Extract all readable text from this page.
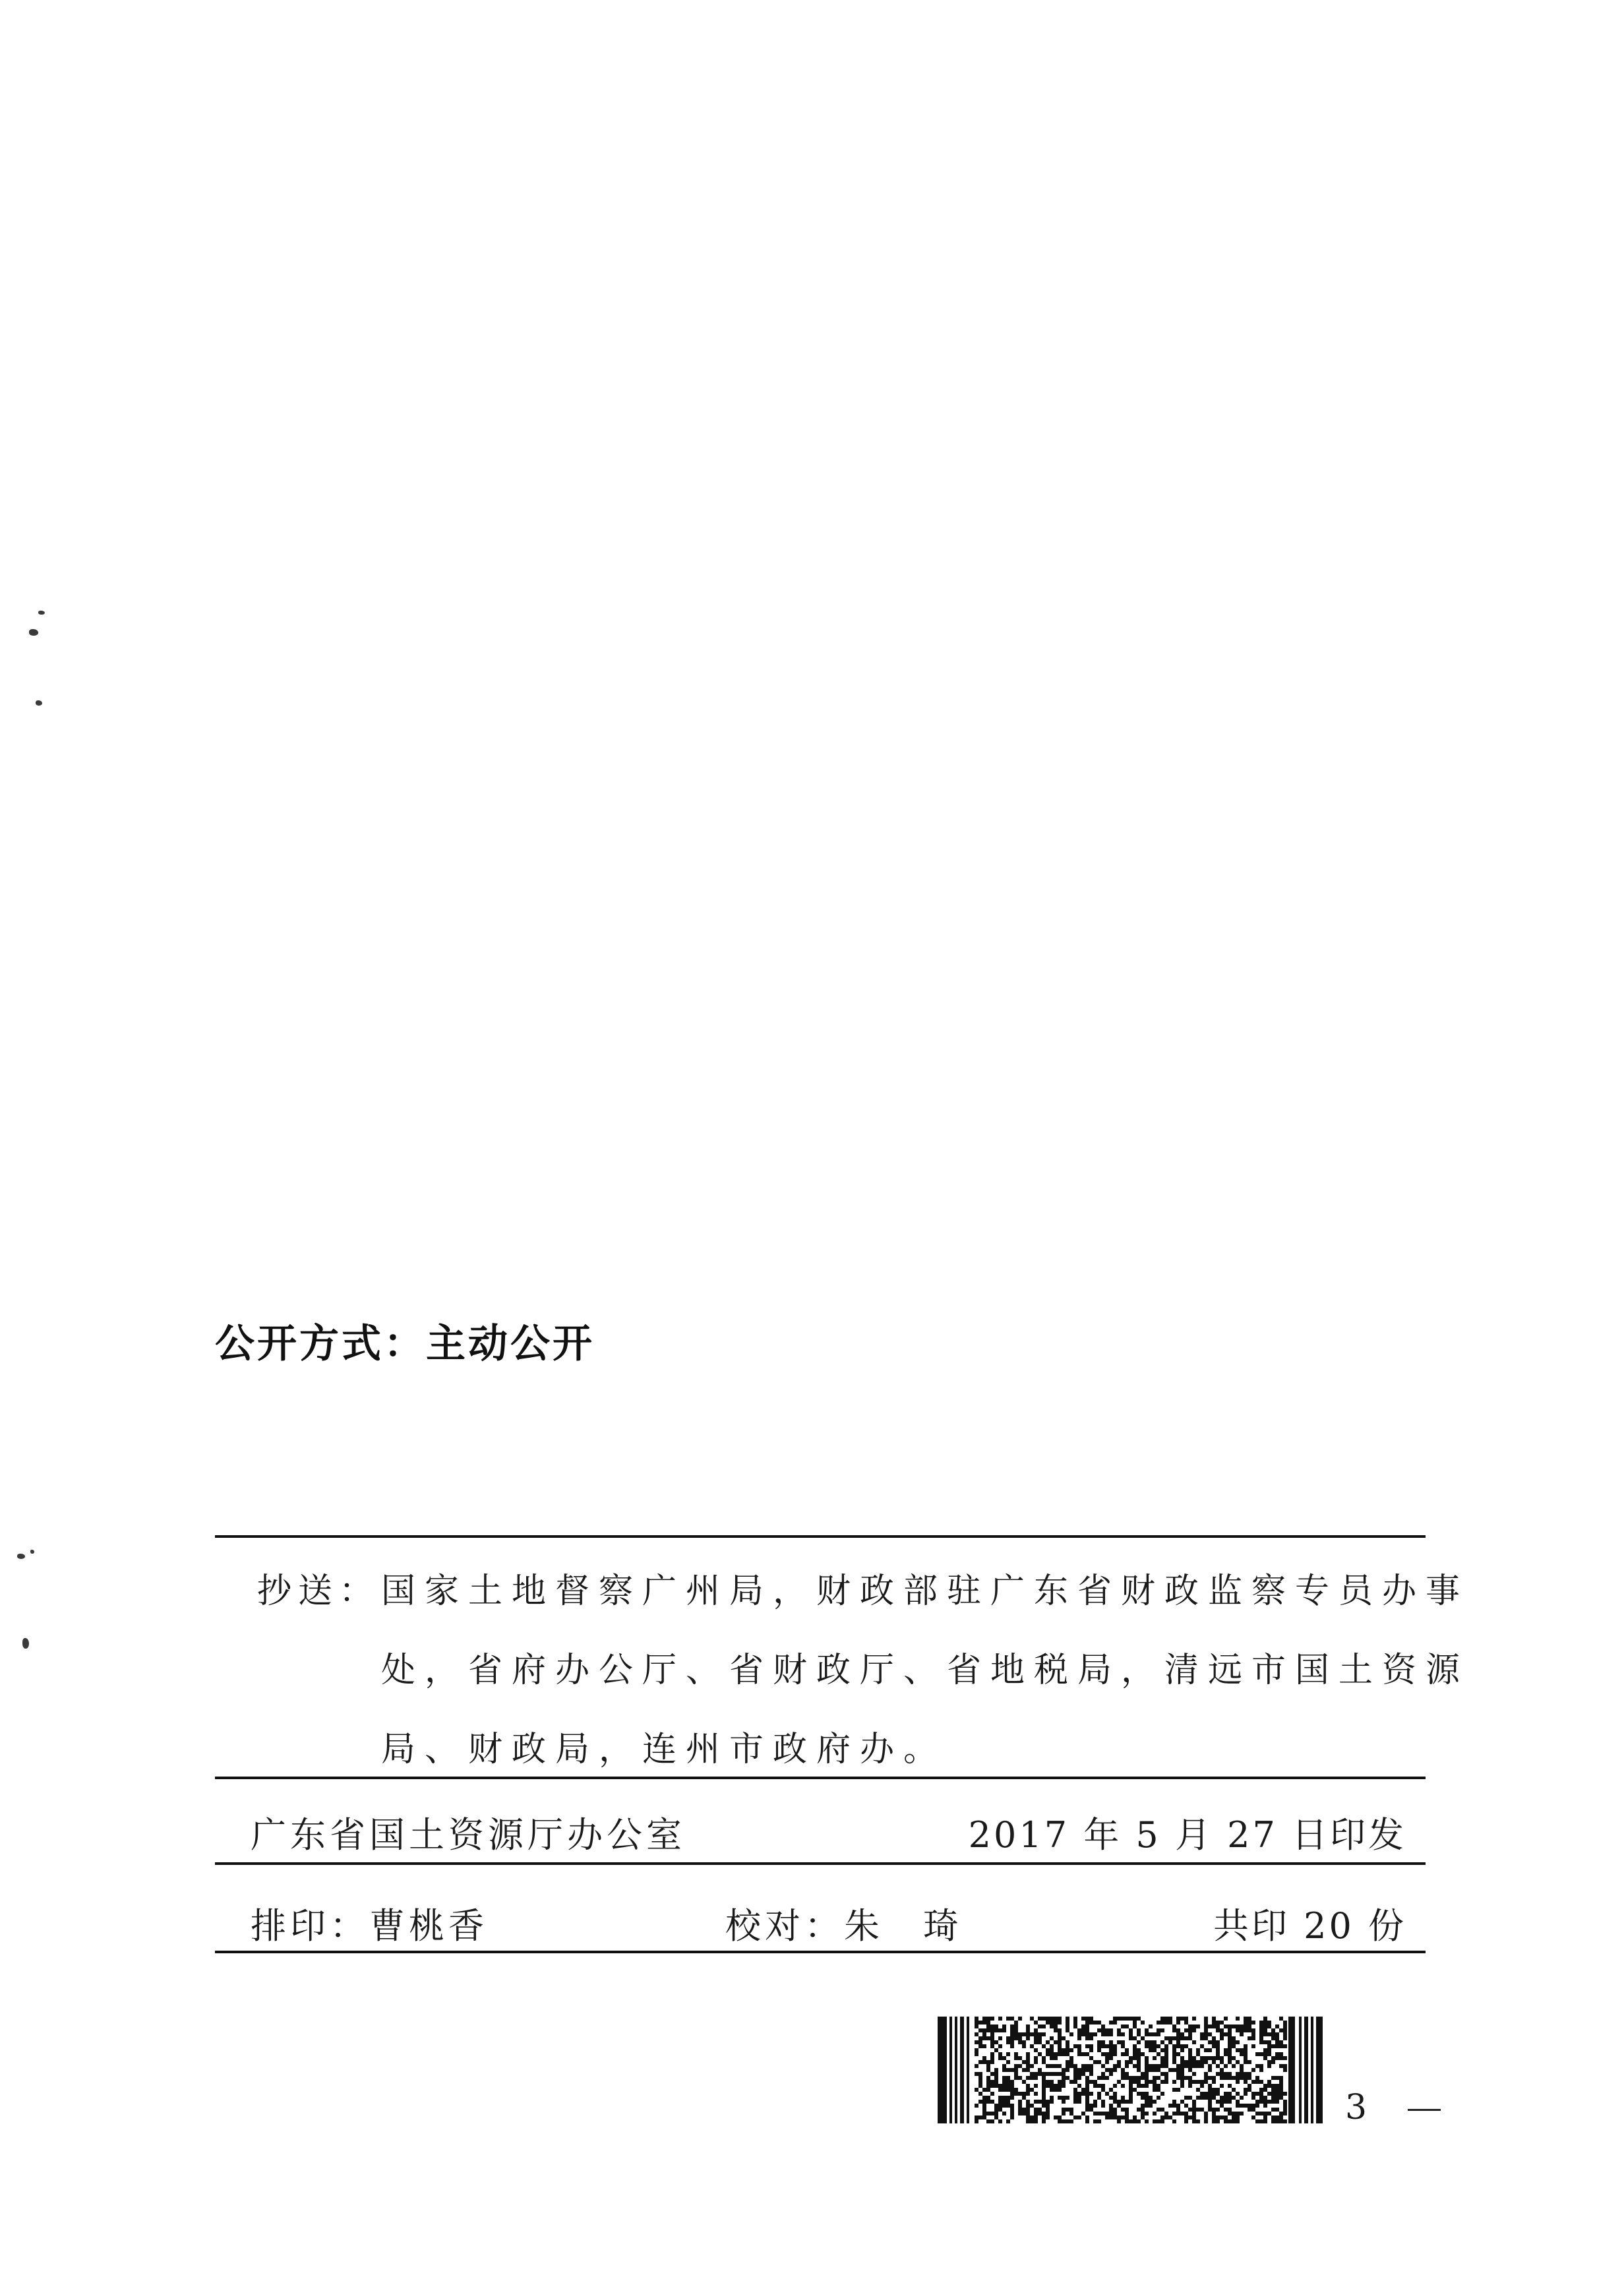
公开方式：主动公开
抄送： 国家土地督察广州局，财政部驻广东省财政监察专员办事
处，省府办公厅、省财政厅、省地税局，清远市国土资源
局、财政局，连州市政府办。
广东省国土资源厅办公室	2017 年 5 月 27 日印发
排印：曹桃香	校对：朱　琦	共印 20 份
3
